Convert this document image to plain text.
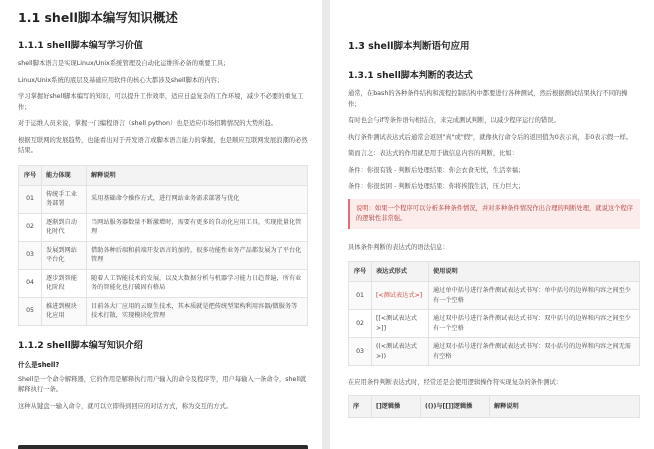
1.1 shell脚本编写知识概述
1.1.1 shell脚本编写学习价值

shell脚本语言是实现Linux/Unix系统管理及自动化运维所必备的重要工具；

Linux/Unix系统的底层及基础应用软件的核心大都涉及shell脚本的内容；

学习掌握好shell脚本编写的知识，可以提升工作效率，适应日益复杂的工作环境，减少不必要的重复工作；

对于运维人员来说，掌握一门编程语言（shell python）也是适应市场招聘情况的大势所趋。

根据互联网的发展趋势，也能看出对于开发语言或脚本语言能力的掌握，也是顺应互联网发展浪潮的必然结果。

序号	能力体现	解释说明
01	传统手工业务部署	采用基础命令操作方式，进行网站业务需求部署与优化
02	逐渐到自动化时代	当网站服务器数量不断激增时，需要有更多的自动化应用工具，实现批量化管理
03	发展到网站平台化	借助各种后端和前端开发语言的加持，很多功能性业务产品都发展为了平台化管理
04	逐步到智能化阶段	随着人工智能技术的发展，以及大数据分析与机器学习能力日趋普遍，所有业务的智能化也打破固有格局
05	推进到模块化应用	目前各大厂应用的云原生技术，其本质就是把传统型架构利用容器/微服务等技术打散，实现模块化管理
1.1.2 shell脚本编写知识介绍
什么是shell?

Shell是一个命令解释器，它的作用是解释执行用户输入的命令及程序等，用户每输入一条命令，shell就解释执行一条。

这种从键盘一输入命令，就可以立即得到回应的对话方式，称为交互的方式。

1.3 shell脚本判断语句应用
1.3.1 shell脚本判断的表达式

通常，在bash的各种条件结构和流程控制结构中都要进行各种测试，然后根据测试结果执行不同的操作；

有时也会与if等条件语句相结合，来完成测试判断，以减少程序运行的错误。

执行条件测试表达式后通常会返回"真"或"假"，就像执行命令后的返回值为0表示真，非0表示假一样。

简而言之：表达式的作用就是用于做信息内容的判断，比如：

条件：你很有钱 - 判断后处理结果：你会衣食无忧，生活幸福；

条件：你很贫困 - 判断后处理结果：你将挨饿生活，压力巨大；

说明：如果一个程序可以分析多种条件情况，并对多种条件情况作出合理的判断处理，就说这个程序的逻辑性非常强。

具体条件判断的表达式的语法信息：

序号	表达式形式	使用说明
01	[<测试表达式>]	通过单中括号进行条件测试表达式书写：单中括号的边界和内容之间至少有一个空格
02	[[<测试表达式>]]	通过双中括号进行条件测试表达式书写：双中括号的边界和内容之间至少有一个空格
03	((<测试表达式>))	通过双小括号进行条件测试表达式书写：双小括号的边界和内容之间无需有空格

在应用条件判断表达式时，经常还是会使用逻辑操作符实现复杂的条件测试：

序	[]逻辑操	(())与[[]]逻辑操	解释说明
